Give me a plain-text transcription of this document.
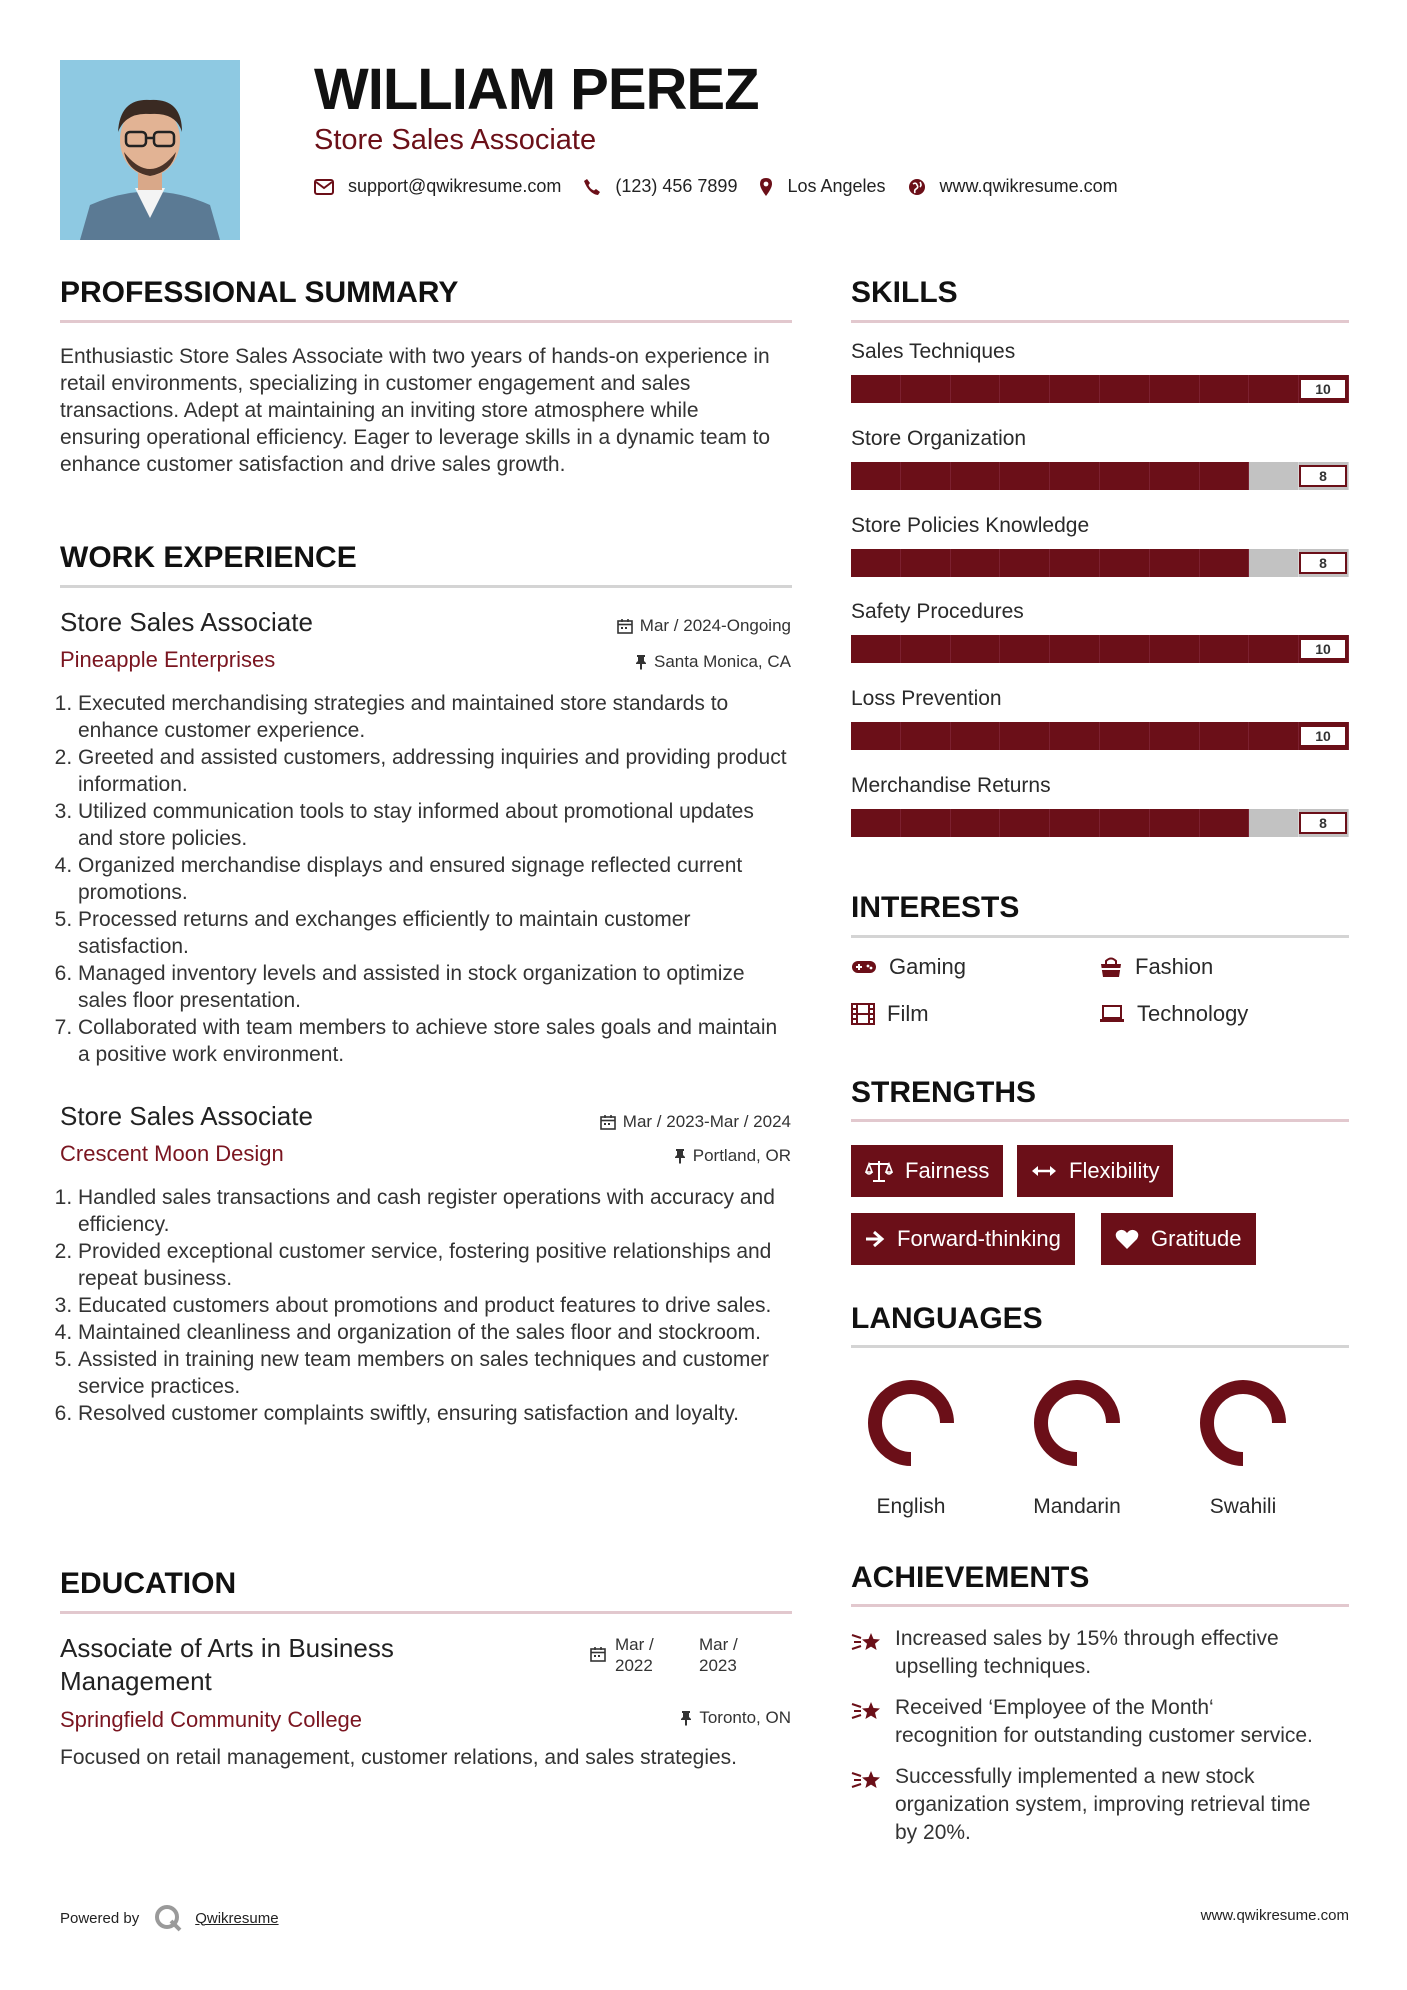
WILLIAM PEREZ
Store Sales Associate
support@qwikresume.com	(123) 456 7899	Los Angeles	www.qwikresume.com
PROFESSIONAL SUMMARY
Enthusiastic Store Sales Associate with two years of hands-on experience in retail environments, specializing in customer engagement and sales transactions. Adept at maintaining an inviting store atmosphere while ensuring operational efficiency. Eager to leverage skills in a dynamic team to enhance customer satisfaction and drive sales growth.
WORK EXPERIENCE
Store Sales Associate	Mar / 2024-Ongoing
Pineapple Enterprises	Santa Monica, CA
1. Executed merchandising strategies and maintained store standards to enhance customer experience.
2. Greeted and assisted customers, addressing inquiries and providing product information.
3. Utilized communication tools to stay informed about promotional updates and store policies.
4. Organized merchandise displays and ensured signage reflected current promotions.
5. Processed returns and exchanges efficiently to maintain customer satisfaction.
6. Managed inventory levels and assisted in stock organization to optimize sales floor presentation.
7. Collaborated with team members to achieve store sales goals and maintain a positive work environment.
Store Sales Associate	Mar / 2023-Mar / 2024
Crescent Moon Design	Portland, OR
1. Handled sales transactions and cash register operations with accuracy and efficiency.
2. Provided exceptional customer service, fostering positive relationships and repeat business.
3. Educated customers about promotions and product features to drive sales.
4. Maintained cleanliness and organization of the sales floor and stockroom.
5. Assisted in training new team members on sales techniques and customer service practices.
6. Resolved customer complaints swiftly, ensuring satisfaction and loyalty.
EDUCATION
Associate of Arts in Business Management
Mar / 2022
Mar / 2023
Springfield Community College	Toronto, ON
Focused on retail management, customer relations, and sales strategies.
SKILLS
Sales Techniques
10
Store Organization
8
Store Policies Knowledge
8
Safety Procedures
10
Loss Prevention
10
Merchandise Returns
8
INTERESTS
Gaming	Fashion
Film	Technology
STRENGTHS
Fairness	Flexibility
Forward-thinking	Gratitude
LANGUAGES
English	Mandarin	Swahili
ACHIEVEMENTS
Increased sales by 15% through effective upselling techniques.
Received ‘Employee of the Month‘ recognition for outstanding customer service.
Successfully implemented a new stock organization system, improving retrieval time by 20%.
Powered by	Qwikresume	www.qwikresume.com
